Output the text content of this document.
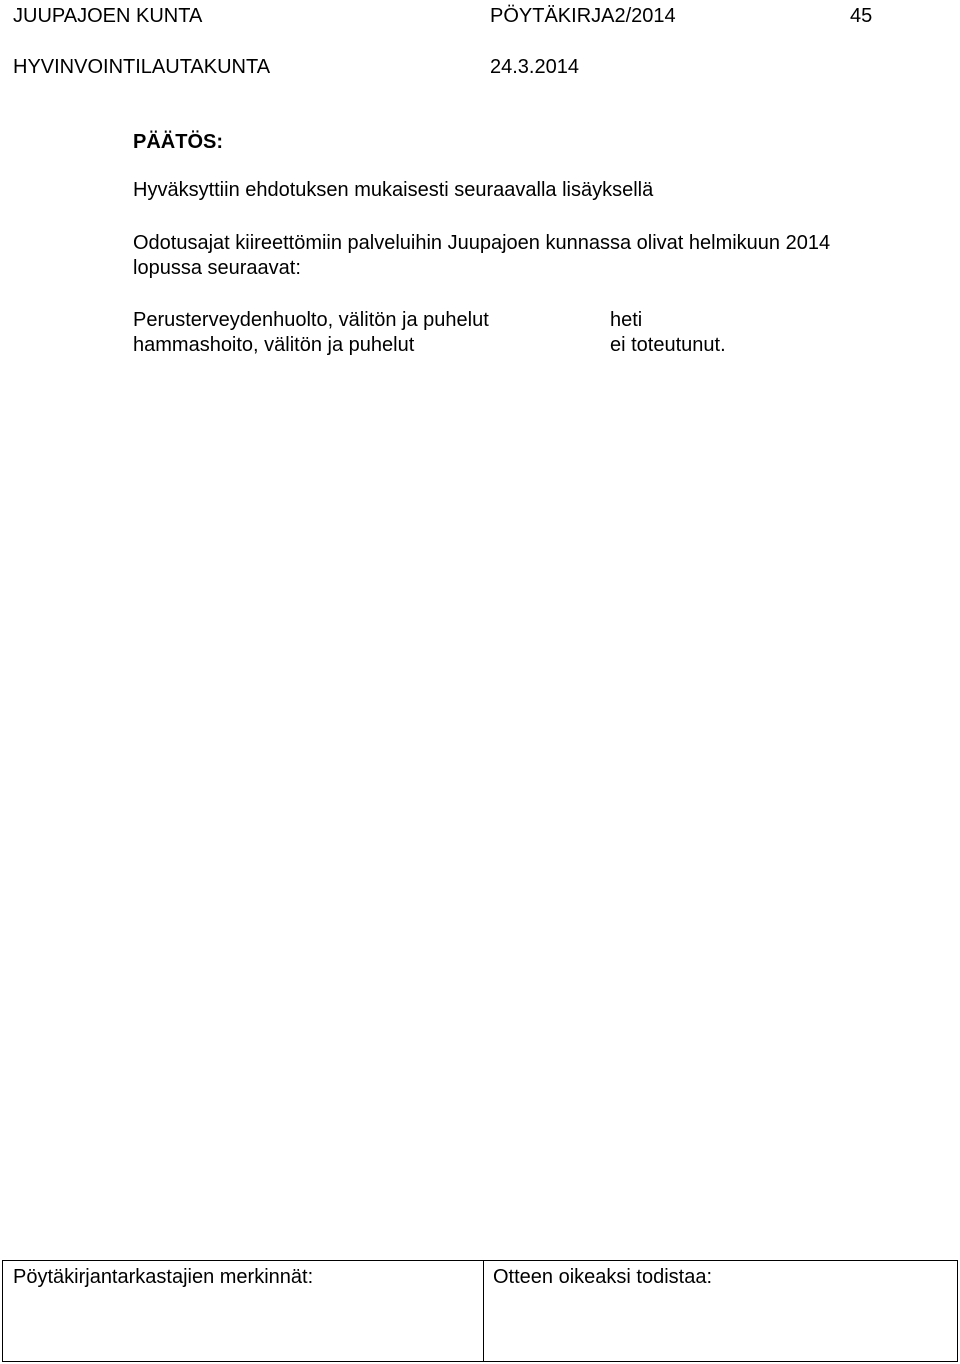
JUUPAJOEN KUNTA	PÖYTÄKIRJA2/2014	45
HYVINVOINTILAUTAKUNTA	24.3.2014
PÄÄTÖS:
Hyväksyttiin ehdotuksen mukaisesti seuraavalla lisäyksellä
Odotusajat kiireettömiin palveluihin Juupajoen kunnassa olivat helmikuun 2014
lopussa seuraavat:
Perusterveydenhuolto, välitön ja puhelut	heti
hammashoito, välitön ja puhelut	ei toteutunut.
Pöytäkirjantarkastajien merkinnät:	Otteen oikeaksi todistaa:
